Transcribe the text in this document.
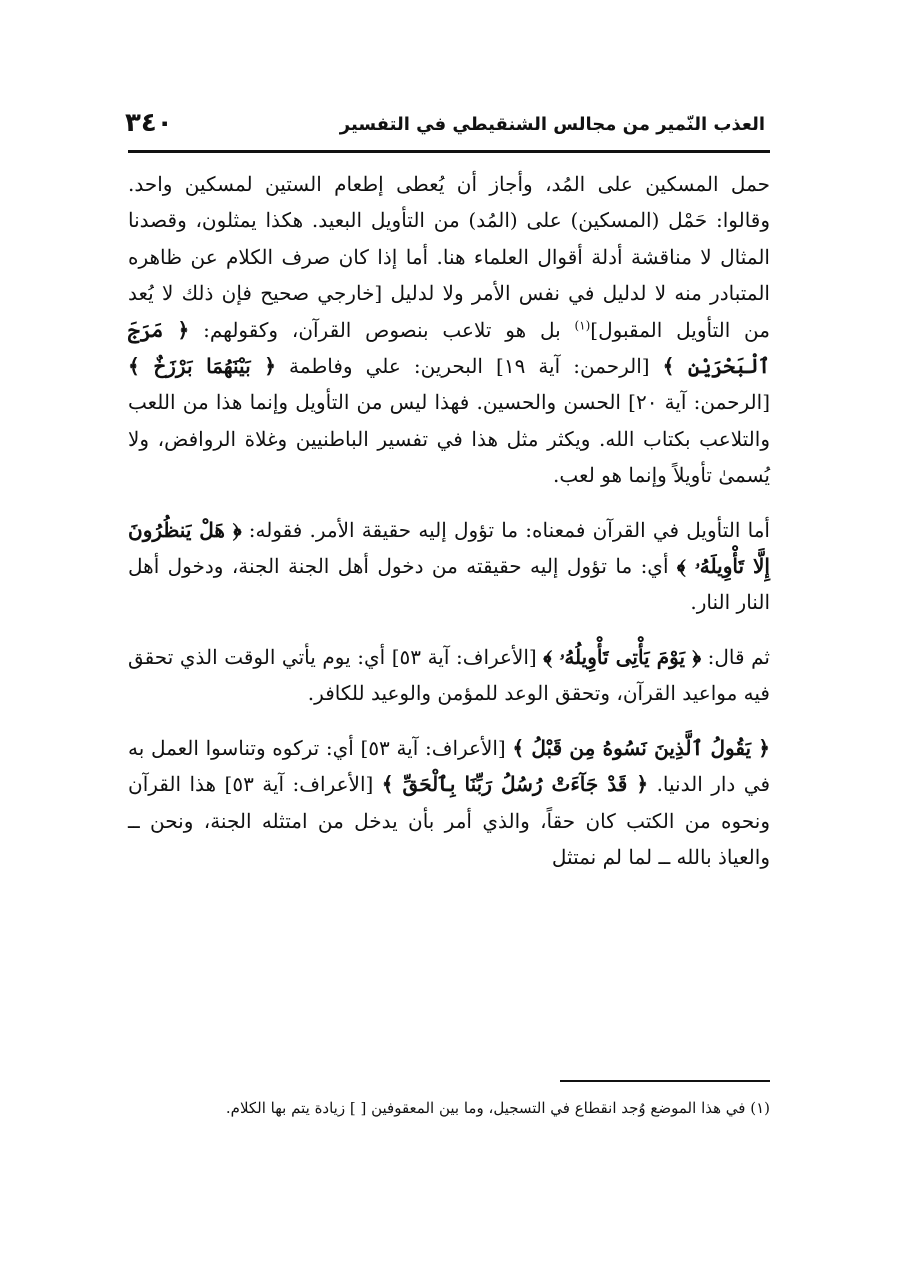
العذب النّمير من مجالس الشنقيطي في التفسير
٣٤٠

حمل المسكين على المُد، وأجاز أن يُعطى إطعام الستين لمسكين واحد. وقالوا: حَمْل (المسكين) على (المُد) من التأويل البعيد. هكذا يمثلون، وقصدنا المثال لا مناقشة أدلة أقوال العلماء هنا. أما إذا كان صرف الكلام عن ظاهره المتبادر منه لا لدليل في نفس الأمر ولا لدليل [خارجي صحيح فإن ذلك لا يُعد من التأويل المقبول]$^{(١)}$ بل هو تلاعب بنصوص القرآن، وكقولهم: ﴿ مَرَجَ ٱلْبَحْرَيْنِ ﴾ [الرحمن: آية ١٩] البحرين: علي وفاطمة ﴿ بَيْنَهُمَا بَرْزَخٌ ﴾ [الرحمن: آية ٢٠] الحسن والحسين. فهذا ليس من التأويل وإنما هذا من اللعب والتلاعب بكتاب الله. ويكثر مثل هذا في تفسير الباطنيين وغلاة الروافض، ولا يُسمىٰ تأويلاً وإنما هو لعب.

أما التأويل في القرآن فمعناه: ما تؤول إليه حقيقة الأمر. فقوله: ﴿ هَلْ يَنظُرُونَ إِلَّا تَأْوِيلَهُۥ ﴾ أي: ما تؤول إليه حقيقته من دخول أهل الجنة الجنة، ودخول أهل النار النار.

ثم قال: ﴿ يَوْمَ يَأْتِى تَأْوِيلُهُۥ ﴾ [الأعراف: آية ٥٣] أي: يوم يأتي الوقت الذي تحقق فيه مواعيد القرآن، وتحقق الوعد للمؤمن والوعيد للكافر.

﴿ يَقُولُ ٱلَّذِينَ نَسُوهُ مِن قَبْلُ ﴾ [الأعراف: آية ٥٣] أي: تركوه وتناسوا العمل به في دار الدنيا. ﴿ قَدْ جَآءَتْ رُسُلُ رَبِّنَا بِٱلْحَقِّ ﴾ [الأعراف: آية ٥٣] هذا القرآن ونحوه من الكتب كان حقاً، والذي أمر بأن يدخل من امتثله الجنة، ونحن ــ والعياذ بالله ــ لما لم نمتثل

(١) في هذا الموضع وُجد انقطاع في التسجيل، وما بين المعقوفين [ ] زيادة يتم بها الكلام.
